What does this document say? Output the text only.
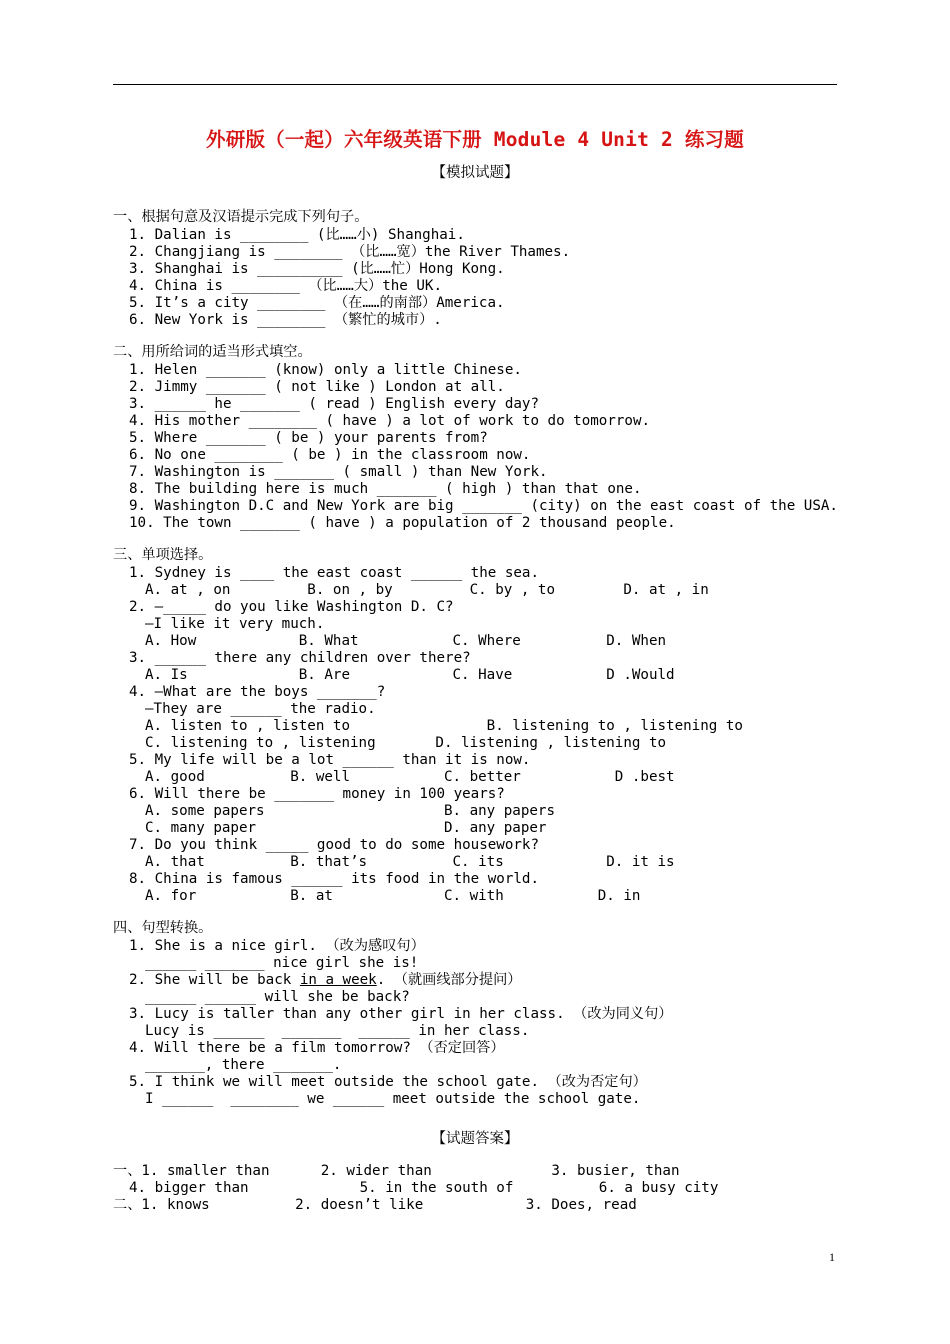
外研版（一起）六年级英语下册 Module 4 Unit 2 练习题
【模拟试题】
一、根据句意及汉语提示完成下列句子。
1. Dalian is ________ (比……小) Shanghai.
2. Changjiang is ________ （比……宽）the River Thames.
3. Shanghai is __________ (比……忙）Hong Kong.
4. China is ________ （比……大）the UK.
5. It’s a city ________ （在……的南部）America.
6. New York is ________ （繁忙的城市）.
二、用所给词的适当形式填空。
1. Helen _______ (know) only a little Chinese.
2. Jimmy _______ ( not like ) London at all.
3. ______ he _______ ( read ) English every day?
4. His mother ________ ( have ) a lot of work to do tomorrow.
5. Where _______ ( be ) your parents from?
6. No one ________ ( be ) in the classroom now.
7. Washington is _______ ( small ) than New York.
8. The building here is much _______ ( high ) than that one.
9. Washington D.C and New York are big _______ (city) on the east coast of the USA.
10. The town _______ ( have ) a population of 2 thousand people.
三、单项选择。
1. Sydney is ____ the east coast ______ the sea.
A. at , on         B. on , by         C. by , to        D. at , in
2. —_____ do you like Washington D. C?
—I like it very much.
A. How            B. What           C. Where          D. When
3. ______ there any children over there?
A. Is             B. Are            C. Have           D .Would
4. —What are the boys _______?
—They are ______ the radio.
A. listen to , listen to                B. listening to , listening to
C. listening to , listening       D. listening , listening to
5. My life will be a lot ______ than it is now.
A. good          B. well           C. better           D .best
6. Will there be _______ money in 100 years?
A. some papers                     B. any papers
C. many paper                      D. any paper
7. Do you think _____ good to do some housework?
A. that          B. that’s          C. its            D. it is
8. China is famous ______ its food in the world.
A. for           B. at             C. with           D. in
四、句型转换。
1. She is a nice girl. （改为感叹句）
______ _______ nice girl she is!
2. She will be back in a week. （就画线部分提问）
______ ______ will she be back?
3. Lucy is taller than any other girl in her class. （改为同义句）
Lucy is ______  _______  ______ in her class.
4. Will there be a film tomorrow? （否定回答）
_______, there _______.
5. I think we will meet outside the school gate. （改为否定句）
I ______  ________ we ______ meet outside the school gate.
一、1. smaller than      2. wider than              3. busier, than
4. bigger than             5. in the south of          6. a busy city
二、1. knows          2. doesn’t like            3. Does, read
【试题答案】
1
